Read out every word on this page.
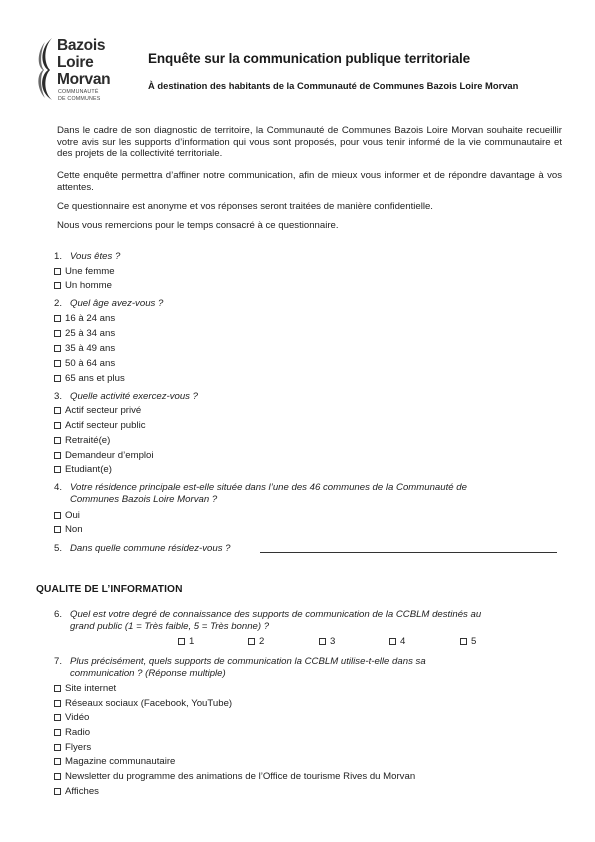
Bazois
Loire
Morvan
COMMUNAUTÉ
DE COMMUNES
Enquête sur la communication publique territoriale
À destination des habitants de la Communauté de Communes Bazois Loire Morvan
Dans le cadre de son diagnostic de territoire, la Communauté de Communes Bazois Loire Morvan souhaite recueillir votre avis sur les supports d’information qui vous sont proposés, pour vous tenir informé de la vie communautaire et des projets de la collectivité territoriale.
Cette enquête permettra d’affiner notre communication, afin de mieux vous informer et de répondre davantage à vos attentes.
Ce questionnaire est anonyme et vos réponses seront traitées de manière confidentielle.
Nous vous remercions pour le temps consacré à ce questionnaire.
1. Vous êtes ?
Une femme
Un homme
2. Quel âge avez-vous ?
16 à 24 ans
25 à 34 ans
35 à 49 ans
50 à 64 ans
65 ans et plus
3. Quelle activité exercez-vous ?
Actif secteur privé
Actif secteur public
Retraité(e)
Demandeur d’emploi
Etudiant(e)
4. Votre résidence principale est-elle située dans l’une des 46 communes de la Communauté de
Communes Bazois Loire Morvan ?
Oui
Non
5. Dans quelle commune résidez-vous ?
QUALITE DE L’INFORMATION
6. Quel est votre degré de connaissance des supports de communication de la CCBLM destinés au
grand public (1 = Très faible, 5 = Très bonne) ?
1	2	3	4	5
7. Plus précisément, quels supports de communication la CCBLM utilise-t-elle dans sa
communication ? (Réponse multiple)
Site internet
Réseaux sociaux (Facebook, YouTube)
Vidéo
Radio
Flyers
Magazine communautaire
Newsletter du programme des animations de l’Office de tourisme Rives du Morvan
Affiches
